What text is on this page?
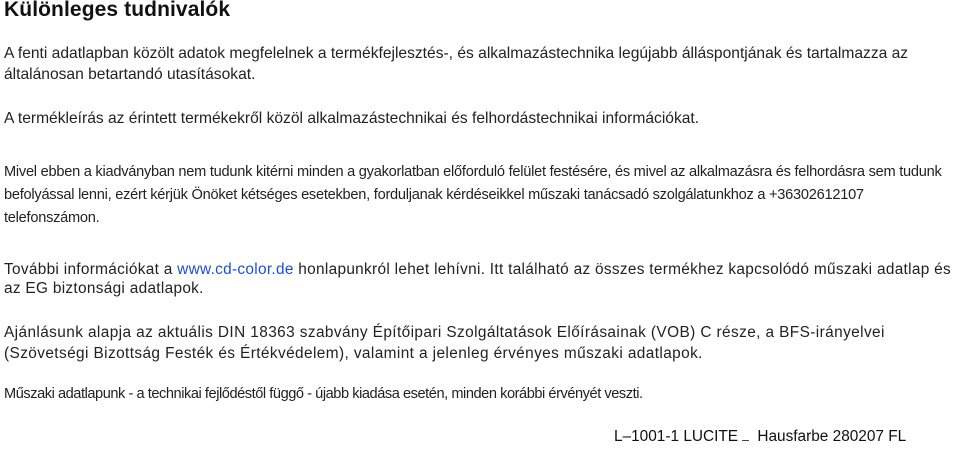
Különleges tudnivalók

A fenti adatlapban közölt adatok megfelelnek a termékfejlesztés-, és alkalmazástechnika legújabb álláspontjának és tartalmazza az általánosan betartandó utasításokat.

A termékleírás az érintett termékekről közöl alkalmazástechnikai és felhordástechnikai információkat.

Mivel ebben a kiadványban nem tudunk kitérni minden a gyakorlatban előforduló felület festésére, és mivel az alkalmazásra és felhordásra sem tudunk befolyással lenni, ezért kérjük Önöket kétséges esetekben, forduljanak kérdéseikkel műszaki tanácsadó szolgálatunkhoz a +36302612107 telefonszámon.

További információkat a www.cd-color.de honlapunkról lehet lehívni. Itt található az összes termékhez kapcsolódó műszaki adatlap és az EG biztonsági adatlapok.

Ajánlásunk alapja az aktuális DIN 18363 szabvány Építőipari Szolgáltatások Előírásainak (VOB) C része, a BFS-irányelvei (Szövetségi Bizottság Festék és Értékvédelem), valamint a jelenleg érvényes műszaki adatlapok.

Műszaki adatlapunk - a technikai fejlődéstől függő - újabb kiadása esetén, minden korábbi érvényét veszti.

L–1001-1 LUCITE Hausfarbe 280207 FL
